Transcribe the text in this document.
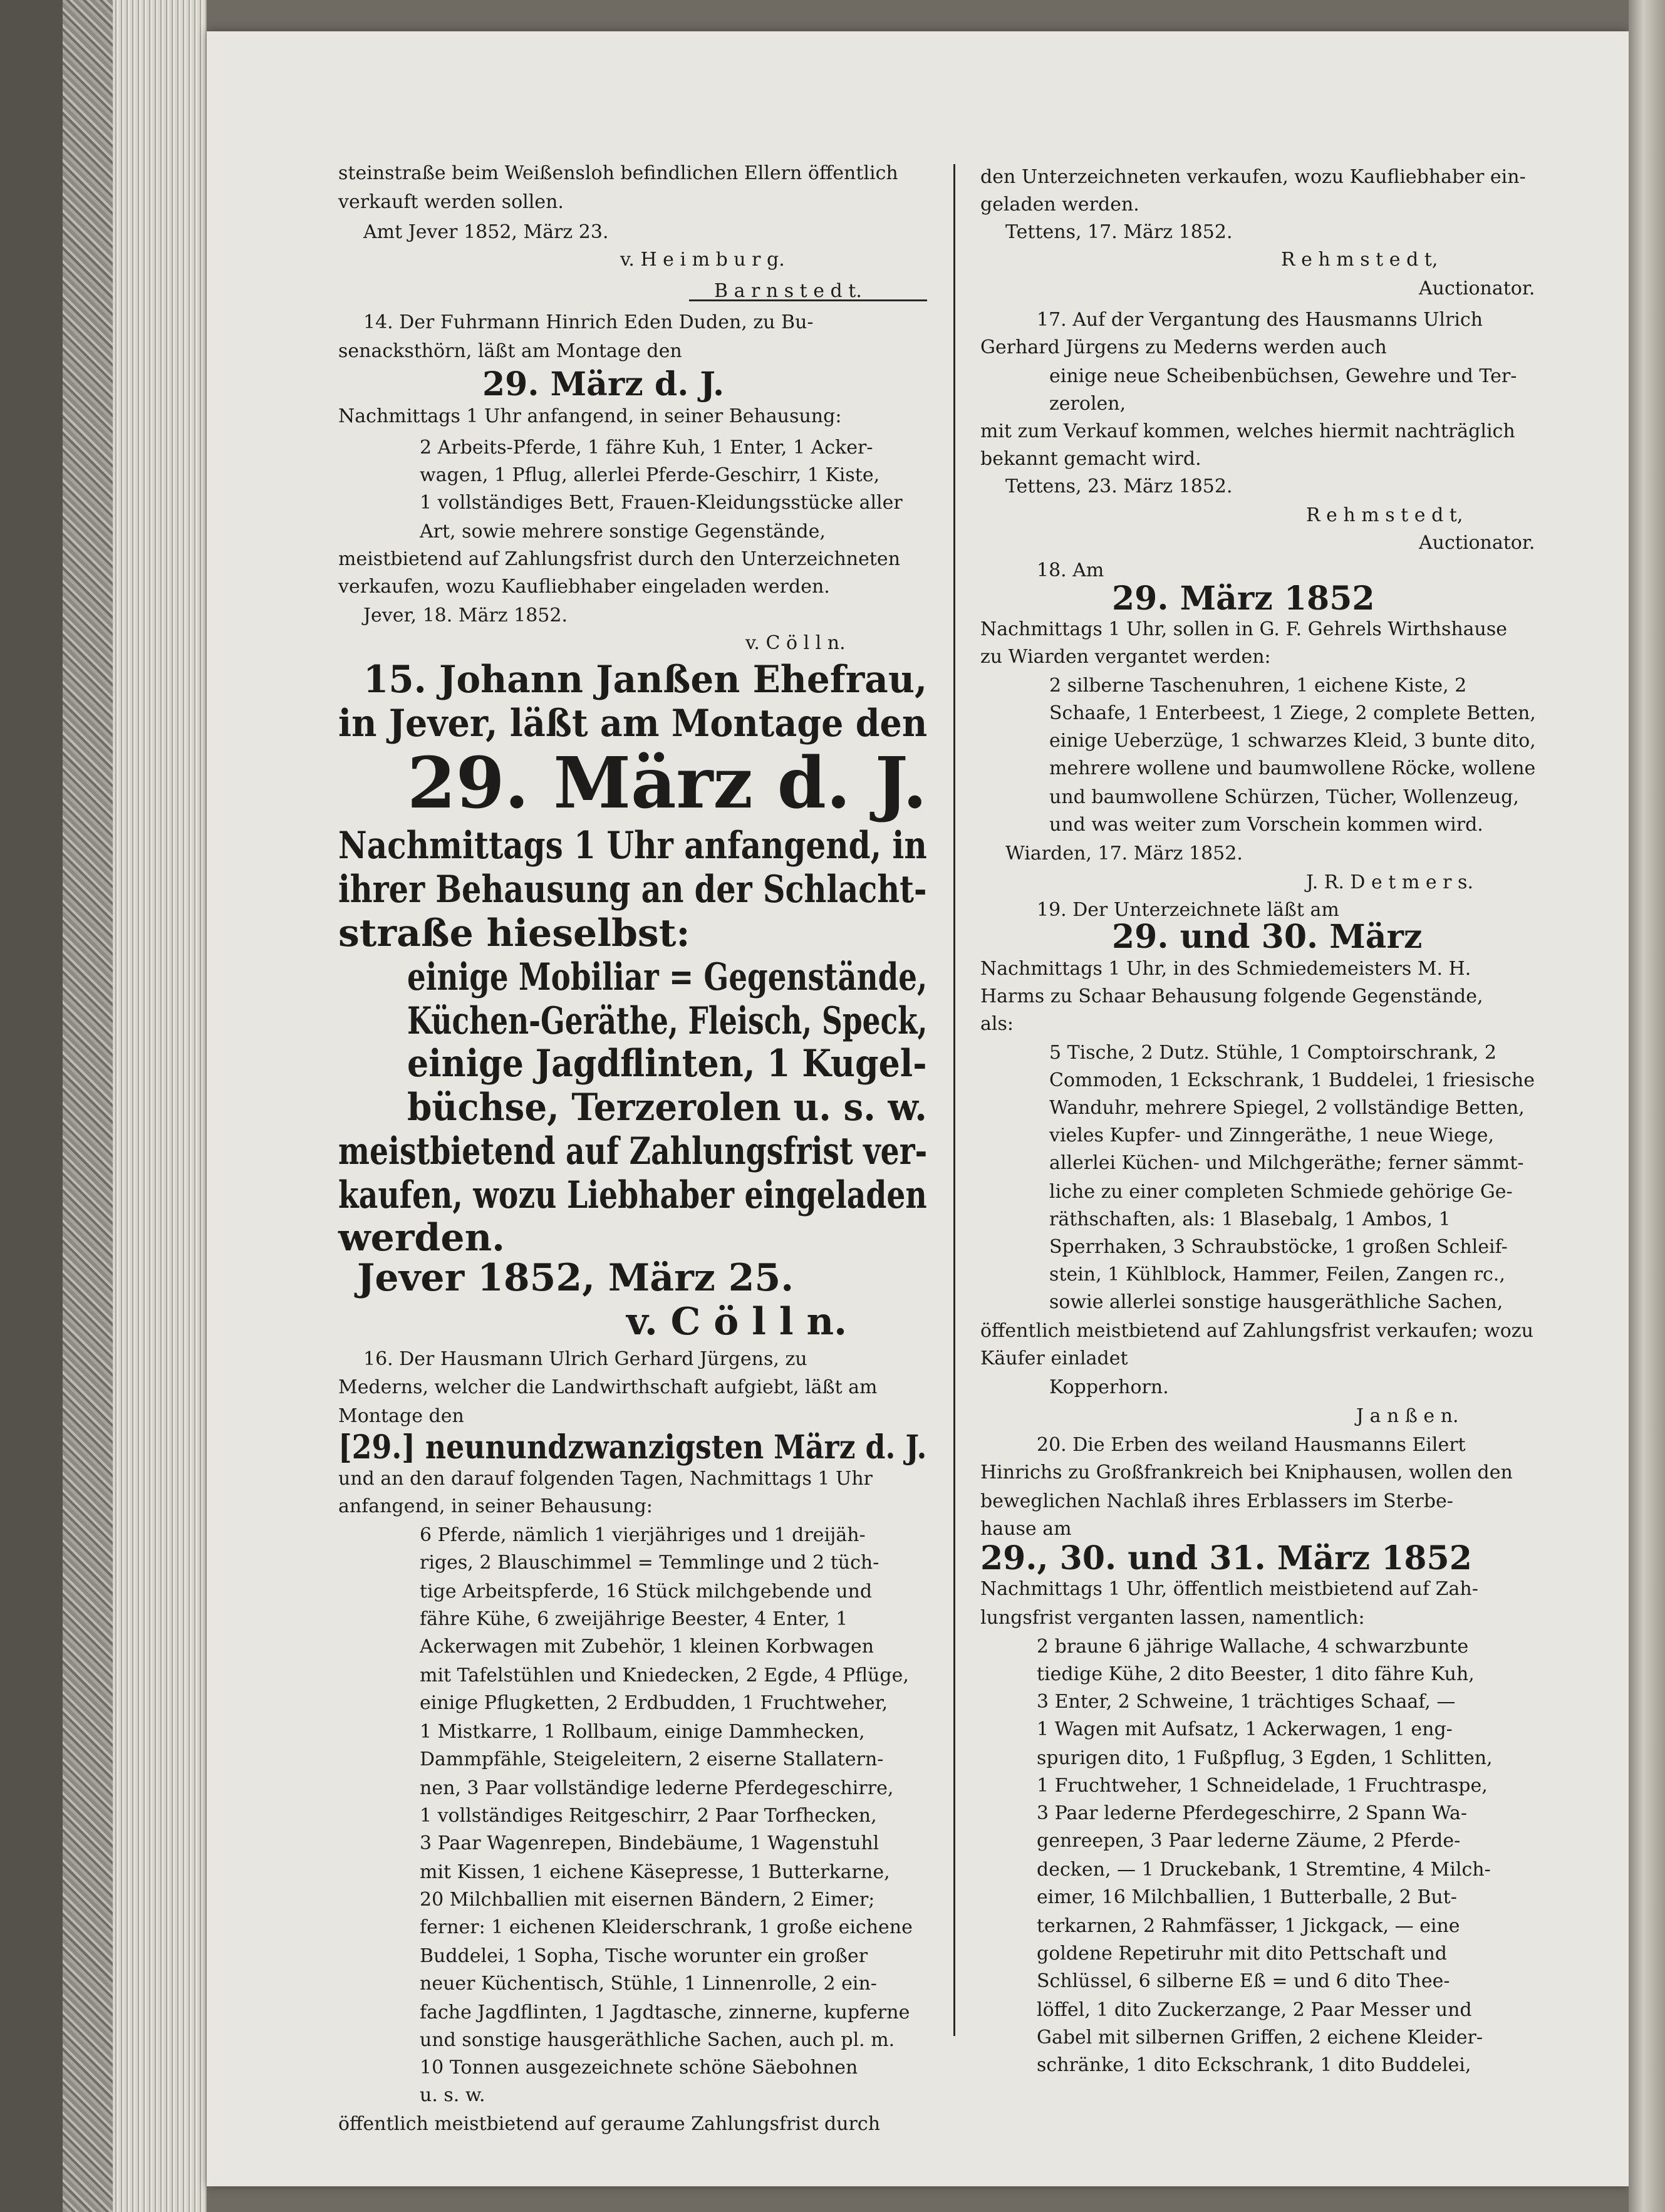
steinstraße beim Weißensloh befindlichen Ellern öffentlich
verkauft werden sollen.
Amt Jever 1852, März 23.
v. H e i m b u r g.
B a r n s t e d t.
14. Der Fuhrmann Hinrich Eden Duden, zu Bu-
senacksthörn, läßt am Montage den
29. März d. J.
Nachmittags 1 Uhr anfangend, in seiner Behausung:
2 Arbeits-Pferde, 1 fähre Kuh, 1 Enter, 1 Acker-
wagen, 1 Pflug, allerlei Pferde-Geschirr, 1 Kiste,
1 vollständiges Bett, Frauen-Kleidungsstücke aller
Art, sowie mehrere sonstige Gegenstände,
meistbietend auf Zahlungsfrist durch den Unterzeichneten
verkaufen, wozu Kaufliebhaber eingeladen werden.
Jever, 18. März 1852.
v. C ö l l n.
15. Johann Janßen Ehefrau,
in Jever, läßt am Montage den
29. März d. J.
Nachmittags 1 Uhr anfangend, in
ihrer Behausung an der Schlacht-
straße hieselbst:
einige Mobiliar = Gegenstände,
Küchen-Geräthe, Fleisch, Speck,
einige Jagdflinten, 1 Kugel-
büchse, Terzerolen u. s. w.
meistbietend auf Zahlungsfrist ver-
kaufen, wozu Liebhaber eingeladen
werden.
Jever 1852, März 25.
v. C ö l l n.
16. Der Hausmann Ulrich Gerhard Jürgens, zu
Mederns, welcher die Landwirthschaft aufgiebt, läßt am
Montage den
[29.] neunundzwanzigsten März d. J.
und an den darauf folgenden Tagen, Nachmittags 1 Uhr
anfangend, in seiner Behausung:
6 Pferde, nämlich 1 vierjähriges und 1 dreijäh-
riges, 2 Blauschimmel = Temmlinge und 2 tüch-
tige Arbeitspferde, 16 Stück milchgebende und
fähre Kühe, 6 zweijährige Beester, 4 Enter, 1
Ackerwagen mit Zubehör, 1 kleinen Korbwagen
mit Tafelstühlen und Kniedecken, 2 Egde, 4 Pflüge,
einige Pflugketten, 2 Erdbudden, 1 Fruchtweher,
1 Mistkarre, 1 Rollbaum, einige Dammhecken,
Dammpfähle, Steigeleitern, 2 eiserne Stallatern-
nen, 3 Paar vollständige lederne Pferdegeschirre,
1 vollständiges Reitgeschirr, 2 Paar Torfhecken,
3 Paar Wagenrepen, Bindebäume, 1 Wagenstuhl
mit Kissen, 1 eichene Käsepresse, 1 Butterkarne,
20 Milchballien mit eisernen Bändern, 2 Eimer;
ferner: 1 eichenen Kleiderschrank, 1 große eichene
Buddelei, 1 Sopha, Tische worunter ein großer
neuer Küchentisch, Stühle, 1 Linnenrolle, 2 ein-
fache Jagdflinten, 1 Jagdtasche, zinnerne, kupferne
und sonstige hausgeräthliche Sachen, auch pl. m.
10 Tonnen ausgezeichnete schöne Säebohnen
u. s. w.
öffentlich meistbietend auf geraume Zahlungsfrist durch
den Unterzeichneten verkaufen, wozu Kaufliebhaber ein-
geladen werden.
Tettens, 17. März 1852.
R e h m s t e d t,
Auctionator.
17. Auf der Vergantung des Hausmanns Ulrich
Gerhard Jürgens zu Mederns werden auch
einige neue Scheibenbüchsen, Gewehre und Ter-
zerolen,
mit zum Verkauf kommen, welches hiermit nachträglich
bekannt gemacht wird.
Tettens, 23. März 1852.
R e h m s t e d t,
Auctionator.
18. Am
29. März 1852
Nachmittags 1 Uhr, sollen in G. F. Gehrels Wirthshause
zu Wiarden vergantet werden:
2 silberne Taschenuhren, 1 eichene Kiste, 2
Schaafe, 1 Enterbeest, 1 Ziege, 2 complete Betten,
einige Ueberzüge, 1 schwarzes Kleid, 3 bunte dito,
mehrere wollene und baumwollene Röcke, wollene
und baumwollene Schürzen, Tücher, Wollenzeug,
und was weiter zum Vorschein kommen wird.
Wiarden, 17. März 1852.
J. R. D e t m e r s.
19. Der Unterzeichnete läßt am
29. und 30. März
Nachmittags 1 Uhr, in des Schmiedemeisters M. H.
Harms zu Schaar Behausung folgende Gegenstände,
als:
5 Tische, 2 Dutz. Stühle, 1 Comptoirschrank, 2
Commoden, 1 Eckschrank, 1 Buddelei, 1 friesische
Wanduhr, mehrere Spiegel, 2 vollständige Betten,
vieles Kupfer- und Zinngeräthe, 1 neue Wiege,
allerlei Küchen- und Milchgeräthe; ferner sämmt-
liche zu einer completen Schmiede gehörige Ge-
räthschaften, als: 1 Blasebalg, 1 Ambos, 1
Sperrhaken, 3 Schraubstöcke, 1 großen Schleif-
stein, 1 Kühlblock, Hammer, Feilen, Zangen rc.,
sowie allerlei sonstige hausgeräthliche Sachen,
öffentlich meistbietend auf Zahlungsfrist verkaufen; wozu
Käufer einladet
Kopperhorn.
J a n ß e n.
20. Die Erben des weiland Hausmanns Eilert
Hinrichs zu Großfrankreich bei Kniphausen, wollen den
beweglichen Nachlaß ihres Erblassers im Sterbe-
hause am
29., 30. und 31. März 1852
Nachmittags 1 Uhr, öffentlich meistbietend auf Zah-
lungsfrist verganten lassen, namentlich:
2 braune 6 jährige Wallache, 4 schwarzbunte
tiedige Kühe, 2 dito Beester, 1 dito fähre Kuh,
3 Enter, 2 Schweine, 1 trächtiges Schaaf, —
1 Wagen mit Aufsatz, 1 Ackerwagen, 1 eng-
spurigen dito, 1 Fußpflug, 3 Egden, 1 Schlitten,
1 Fruchtweher, 1 Schneidelade, 1 Fruchtraspe,
3 Paar lederne Pferdegeschirre, 2 Spann Wa-
genreepen, 3 Paar lederne Zäume, 2 Pferde-
decken, — 1 Druckebank, 1 Stremtine, 4 Milch-
eimer, 16 Milchballien, 1 Butterballe, 2 But-
terkarnen, 2 Rahmfässer, 1 Jickgack, — eine
goldene Repetiruhr mit dito Pettschaft und
Schlüssel, 6 silberne Eß = und 6 dito Thee-
löffel, 1 dito Zuckerzange, 2 Paar Messer und
Gabel mit silbernen Griffen, 2 eichene Kleider-
schränke, 1 dito Eckschrank, 1 dito Buddelei,
